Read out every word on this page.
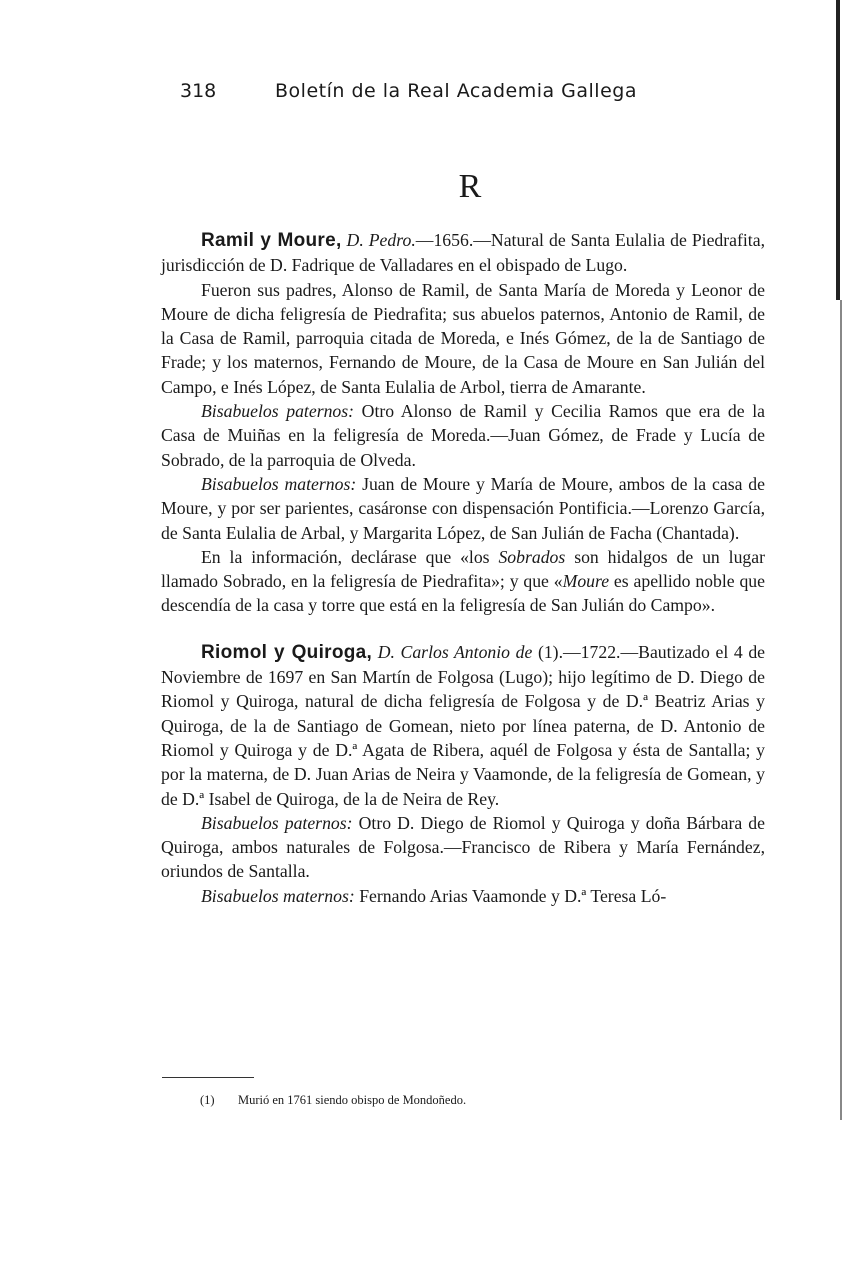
318	Boletín de la Real Academia Gallega
R

Ramil y Moure, D. Pedro.—1656.—Natural de Santa Eulalia de Piedrafita, jurisdicción de D. Fadrique de Valladares en el obispado de Lugo.

Fueron sus padres, Alonso de Ramil, de Santa María de Moreda y Leonor de Moure de dicha feligresía de Piedrafita; sus abuelos paternos, Antonio de Ramil, de la Casa de Ramil, parroquia citada de Moreda, e Inés Gómez, de la de Santiago de Frade; y los maternos, Fernando de Moure, de la Casa de Moure en San Julián del Campo, e Inés López, de Santa Eulalia de Arbol, tierra de Amarante.

Bisabuelos paternos: Otro Alonso de Ramil y Cecilia Ramos que era de la Casa de Muiñas en la feligresía de Moreda.—Juan Gómez, de Frade y Lucía de Sobrado, de la parroquia de Olveda.

Bisabuelos maternos: Juan de Moure y María de Moure, ambos de la casa de Moure, y por ser parientes, casáronse con dispensación Pontificia.—Lorenzo García, de Santa Eulalia de Arbal, y Margarita López, de San Julián de Facha (Chantada).

En la información, declárase que «los Sobrados son hidalgos de un lugar llamado Sobrado, en la feligresía de Piedrafita»; y que «Moure es apellido noble que descendía de la casa y torre que está en la feligresía de San Julián do Campo».

Riomol y Quiroga, D. Carlos Antonio de (1).—1722.—Bautizado el 4 de Noviembre de 1697 en San Martín de Folgosa (Lugo); hijo legítimo de D. Diego de Riomol y Quiroga, natural de dicha feligresía de Folgosa y de D.ª Beatriz Arias y Quiroga, de la de Santiago de Gomean, nieto por línea paterna, de D. Antonio de Riomol y Quiroga y de D.ª Agata de Ribera, aquél de Folgosa y ésta de Santalla; y por la materna, de D. Juan Arias de Neira y Vaamonde, de la feligresía de Gomean, y de D.ª Isabel de Quiroga, de la de Neira de Rey.

Bisabuelos paternos: Otro D. Diego de Riomol y Quiroga y doña Bárbara de Quiroga, ambos naturales de Folgosa.—Francisco de Ribera y María Fernández, oriundos de Santalla.

Bisabuelos maternos: Fernando Arias Vaamonde y D.ª Teresa Ló-

(1) Murió en 1761 siendo obispo de Mondoñedo.
